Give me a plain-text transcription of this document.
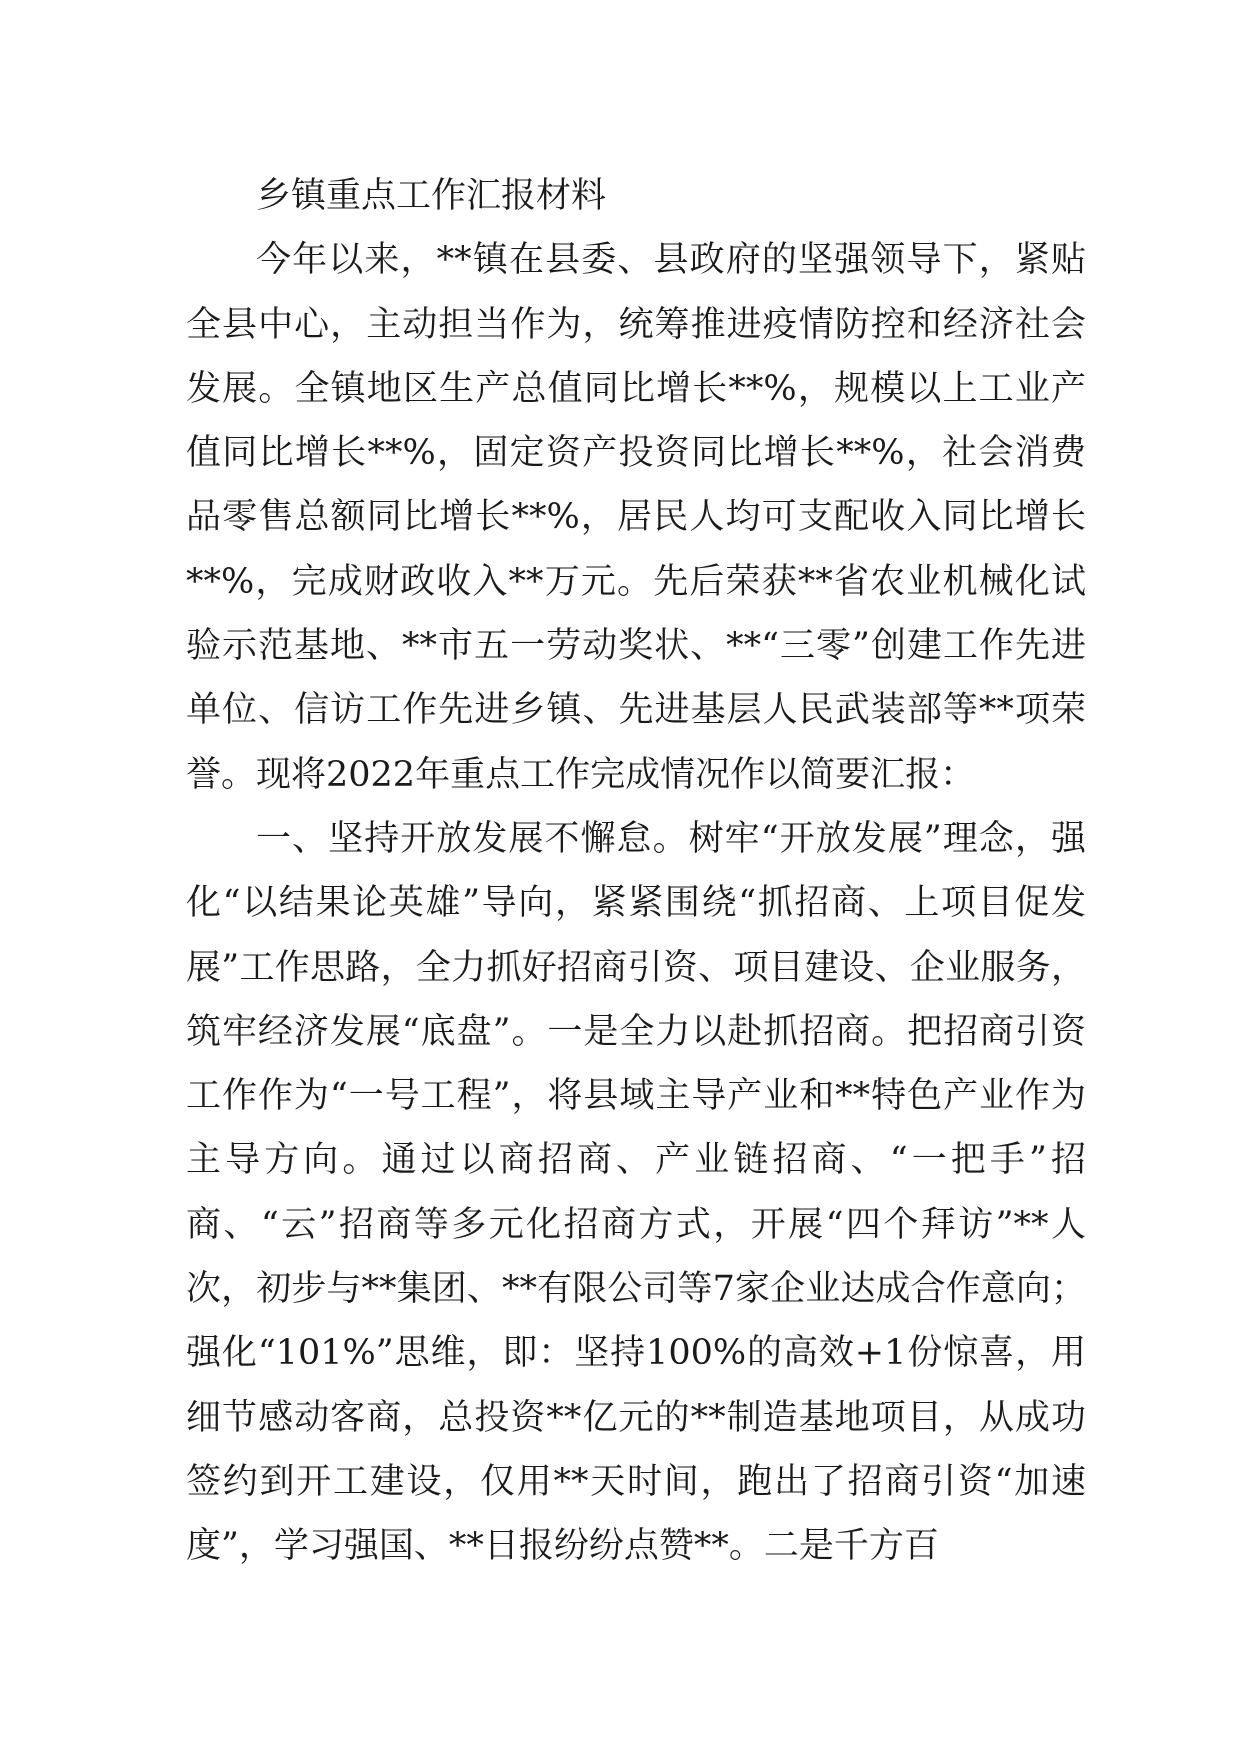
乡镇重点工作汇报材料

今年以来，**镇在县委、县政府的坚强领导下，紧贴全县中心，主动担当作为，统筹推进疫情防控和经济社会发展。全镇地区生产总值同比增长**%，规模以上工业产值同比增长**%，固定资产投资同比增长**%，社会消费品零售总额同比增长**%，居民人均可支配收入同比增长**%，完成财政收入**万元。先后荣获**省农业机械化试验示范基地、**市五一劳动奖状、**“三零”创建工作先进单位、信访工作先进乡镇、先进基层人民武装部等**项荣誉。现将2022年重点工作完成情况作以简要汇报：

一、坚持开放发展不懈怠。树牢“开放发展”理念，强化“以结果论英雄”导向，紧紧围绕“抓招商、上项目促发展”工作思路，全力抓好招商引资、项目建设、企业服务，筑牢经济发展“底盘”。一是全力以赴抓招商。把招商引资工作作为“一号工程”，将县域主导产业和**特色产业作为主导方向。通过以商招商、产业链招商、“一把手”招商、“云”招商等多元化招商方式，开展“四个拜访”**人次，初步与**集团、**有限公司等7家企业达成合作意向；强化“101%”思维，即：坚持100%的高效+1份惊喜，用细节感动客商，总投资**亿元的**制造基地项目，从成功签约到开工建设，仅用**天时间，跑出了招商引资“加速度”，学习强国、**日报纷纷点赞**。二是千方百
